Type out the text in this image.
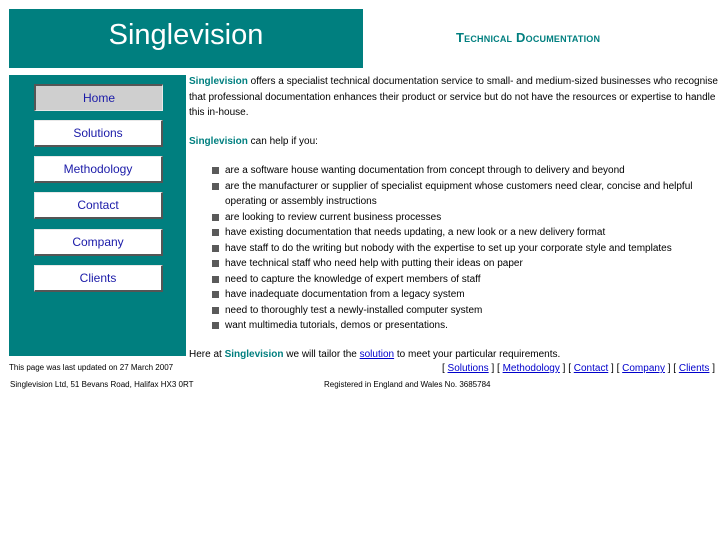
Singlevision	Technical Documentation
Home
Solutions
Methodology
Contact
Company
Clients

Singlevision offers a specialist technical documentation service to small- and medium-sized businesses who recognise that professional documentation enhances their product or service but do not have the resources or expertise to handle this in-house.

Singlevision can help if you:

are a software house wanting documentation from concept through to delivery and beyond
are the manufacturer or supplier of specialist equipment whose customers need clear, concise and helpful operating or assembly instructions
are looking to review current business processes
have existing documentation that needs updating, a new look or a new delivery format
have staff to do the writing but nobody with the expertise to set up your corporate style and templates
have technical staff who need help with putting their ideas on paper
need to capture the knowledge of expert members of staff
have inadequate documentation from a legacy system
need to thoroughly test a newly-installed computer system
want multimedia tutorials, demos or presentations.

Here at Singlevision we will tailor the solution to meet your particular requirements.

This page was last updated on 27 March 2007
Singlevision Ltd, 51 Bevans Road, Halifax HX3 0RT	Registered in England and Wales No. 3685784
[ Solutions ] [ Methodology ] [ Contact ] [ Company ] [ Clients ]
